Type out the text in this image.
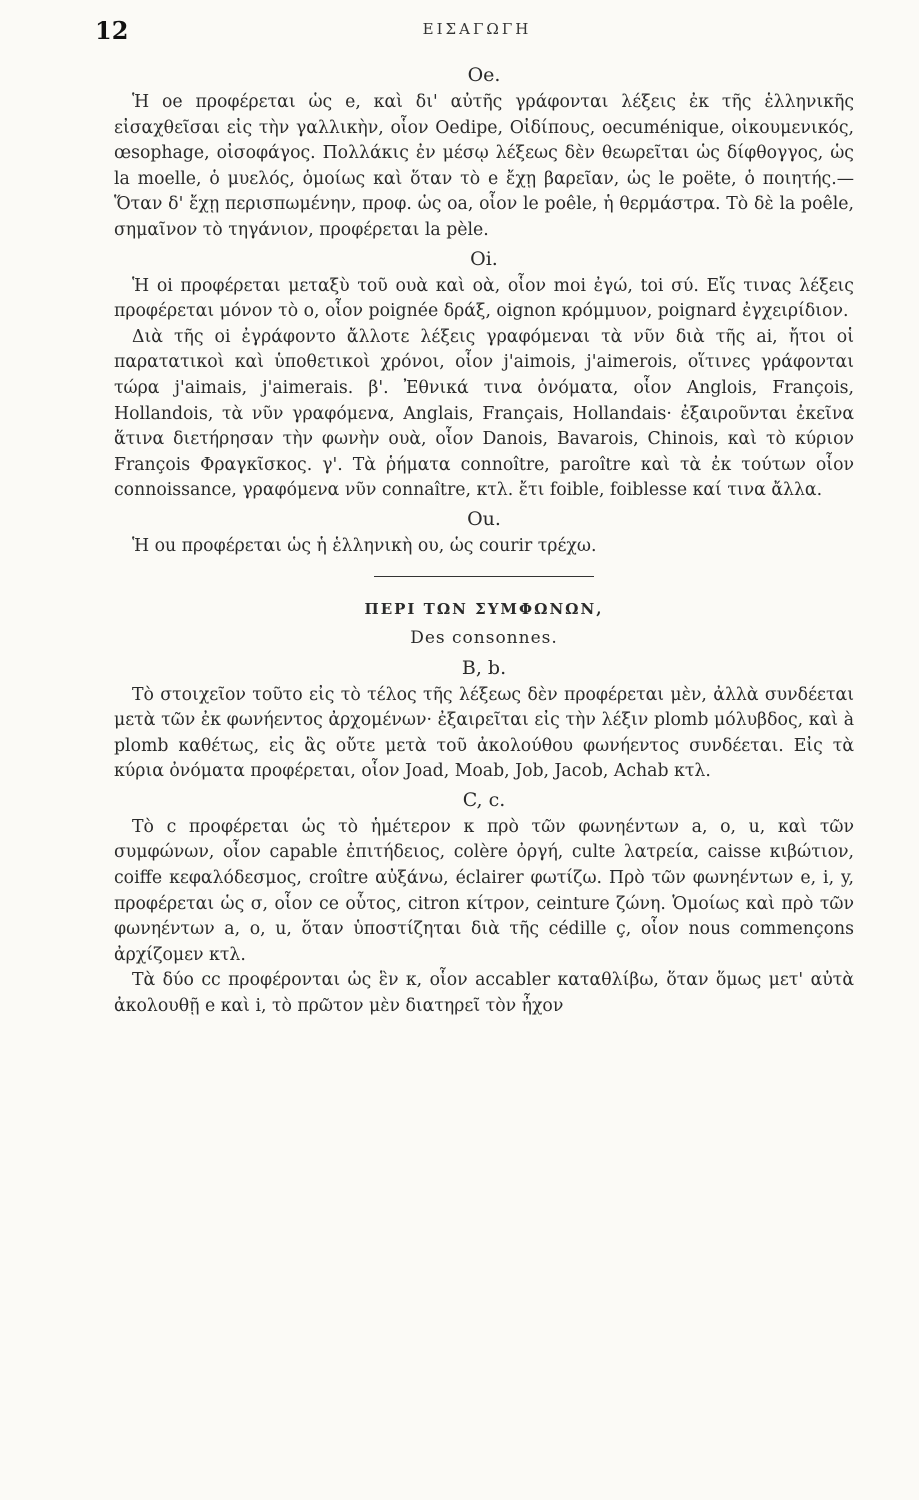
12	ΕΙΣΑΓΩΓΗ
Oe.

Ἡ oe προφέρεται ὡς e, καὶ δι' αὐτῆς γράφονται λέξεις ἐκ τῆς ἑλληνικῆς εἰσαχθεῖσαι εἰς τὴν γαλλικὴν, οἷον Oedipe, Οἰδίπους, oecuménique, οἰκουμενικός, œsophage, οἰσοφάγος. Πολλάκις ἐν μέσῳ λέξεως δὲν θεωρεῖται ὡς δίφθογγος, ὡς la moelle, ὁ μυελός, ὁμοίως καὶ ὅταν τὸ e ἔχῃ βαρεῖαν, ὡς le poëte, ὁ ποιητής.—Ὅταν δ' ἔχῃ περισπωμένην, προφ. ὡς oa, οἷον le poêle, ἡ θερμάστρα. Τὸ δὲ la poêle, σημαῖνον τὸ τηγάνιον, προφέρεται la pèle.

Oi.

Ἡ oi προφέρεται μεταξὺ τοῦ ουὰ καὶ οὰ, οἷον moi ἐγώ, toi σύ. Εἴς τινας λέξεις προφέρεται μόνον τὸ o, οἷον poignée δράξ, oignon κρόμμυον, poignard ἐγχειρίδιον.

Διὰ τῆς oi ἐγράφοντο ἄλλοτε λέξεις γραφόμεναι τὰ νῦν διὰ τῆς ai, ἤτοι οἱ παρατατικοὶ καὶ ὑποθετικοὶ χρόνοι, οἷον j'aimois, j'aimerois, οἵτινες γράφονται τώρα j'aimais, j'aimerais. β'. Ἐθνικά τινα ὀνόματα, οἷον Anglois, François, Hollandois, τὰ νῦν γραφόμενα, Anglais, Français, Hollandais· ἐξαιροῦνται ἐκεῖνα ἅτινα διετήρησαν τὴν φωνὴν ουὰ, οἷον Danois, Bavarois, Chinois, καὶ τὸ κύριον François Φραγκῖσκος. γ'. Τὰ ῥήματα connoître, paroître καὶ τὰ ἐκ τούτων οἷον connoissance, γραφόμενα νῦν connaître, κτλ. ἔτι foible, foiblesse καί τινα ἄλλα.

Ou.

Ἡ ou προφέρεται ὡς ἡ ἑλληνικὴ ου, ὡς courir τρέχω.

ΠΕΡΙ ΤΩΝ ΣΥΜΦΩΝΩΝ,
Des consonnes.
B, b.

Τὸ στοιχεῖον τοῦτο εἰς τὸ τέλος τῆς λέξεως δὲν προφέρεται μὲν, ἀλλὰ συνδέεται μετὰ τῶν ἐκ φωνήεντος ἀρχομένων· ἐξαιρεῖται εἰς τὴν λέξιν plomb μόλυβδος, καὶ à plomb καθέτως, εἰς ἃς οὔτε μετὰ τοῦ ἀκολούθου φωνήεντος συνδέεται. Εἰς τὰ κύρια ὀνόματα προφέρεται, οἷον Joad, Moab, Job, Jacob, Achab κτλ.

C, c.

Τὸ c προφέρεται ὡς τὸ ἡμέτερον κ πρὸ τῶν φωνηέντων a, o, u, καὶ τῶν συμφώνων, οἷον capable ἐπιτήδειος, colère ὀργή, culte λατρεία, caisse κιβώτιον, coiffe κεφαλόδεσμος, croître αὐξάνω, éclairer φωτίζω. Πρὸ τῶν φωνηέντων e, i, y, προφέρεται ὡς σ, οἷον ce οὗτος, citron κίτρον, ceinture ζώνη. Ὁμοίως καὶ πρὸ τῶν φωνηέντων a, o, u, ὅταν ὑποστίζηται διὰ τῆς cédille ç, οἷον nous commençons ἀρχίζομεν κτλ.

Τὰ δύο cc προφέρονται ὡς ἓν κ, οἷον accabler καταθλίβω, ὅταν ὅμως μετ' αὐτὰ ἀκολουθῇ e καὶ i, τὸ πρῶτον μὲν διατηρεῖ τὸν ἦχον
